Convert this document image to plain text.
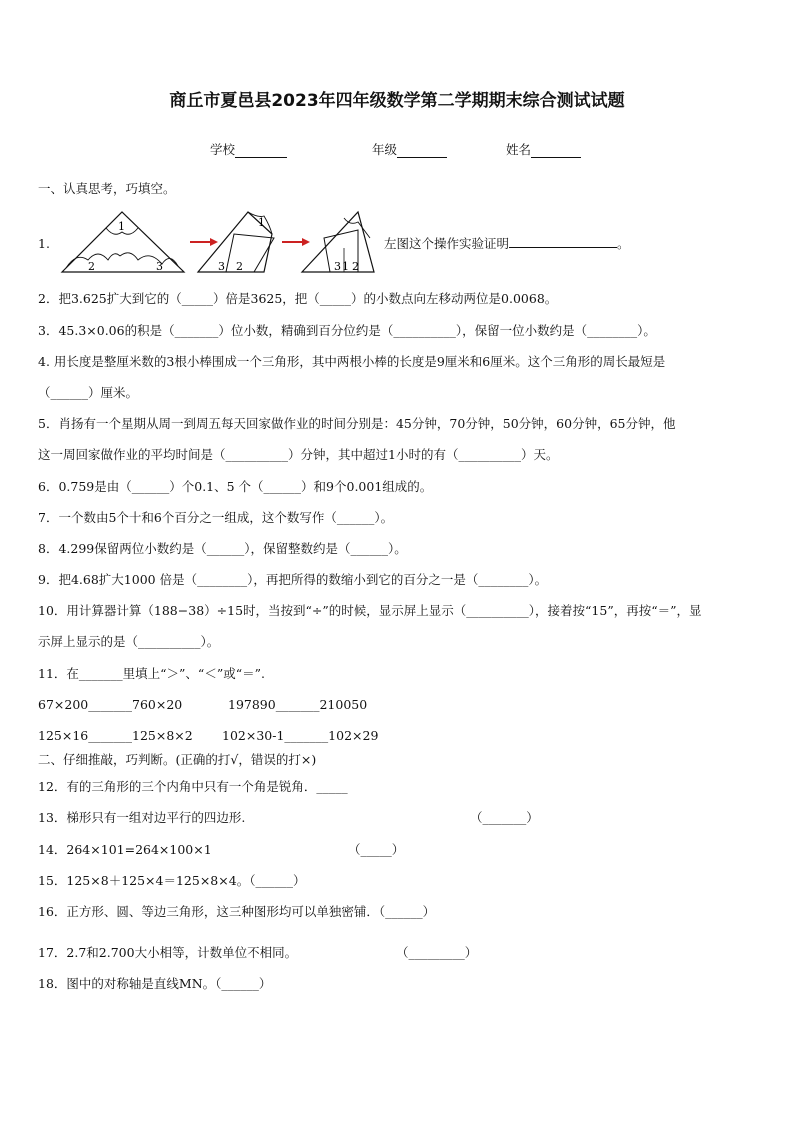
商丘市夏邑县2023年四年级数学第二学期期末综合测试试题
学校	年级	姓名
一、认真思考，巧填空。
1.
1
2	3	3
1
2	3 1 2
左图这个操作实验证明	。
2．把3.625扩大到它的（_____）倍是3625，把（_____）的小数点向左移动两位是0.0068。
3．45.3×0.06的积是（_______）位小数，精确到百分位约是（__________），保留一位小数约是（________）。
4. 用长度是整厘米数的3根小棒围成一个三角形，其中两根小棒的长度是9厘米和6厘米。这个三角形的周长最短是
（______）厘米。
5．肖扬有一个星期从周一到周五每天回家做作业的时间分别是：45分钟，70分钟，50分钟，60分钟，65分钟，他
这一周回家做作业的平均时间是（__________）分钟，其中超过1小时的有（__________）天。
6．0.759是由（______）个0.1、5 个（______）和9个0.001组成的。
7．一个数由5个十和6个百分之一组成，这个数写作（______）。
8．4.299保留两位小数约是（______），保留整数约是（______）。
9．把4.68扩大1000 倍是（________），再把所得的数缩小到它的百分之一是（________）。
10．用计算器计算（188−38）÷15时，当按到“÷”的时候，显示屏上显示（__________），接着按“15”，再按“＝”，显
示屏上显示的是（__________）。
11．在_______里填上“＞”、“＜”或“＝”.
67×200_______760×20	197890_______210050
125×16_______125×8×2 102×30-1_______102×29
二、仔细推敲，巧判断。(正确的打√，错误的打×)
12．有的三角形的三个内角中只有一个角是锐角．_____
13．梯形只有一组对边平行的四边形.	（_______）
14．264×101=264×100×1	（_____）
15．125×8＋125×4＝125×8×4。（______）
16．正方形、圆、等边三角形，这三种图形均可以单独密铺．（______）
17．2.7和2.700大小相等，计数单位不相同。	（_________）
18．图中的对称轴是直线MN。（______）
